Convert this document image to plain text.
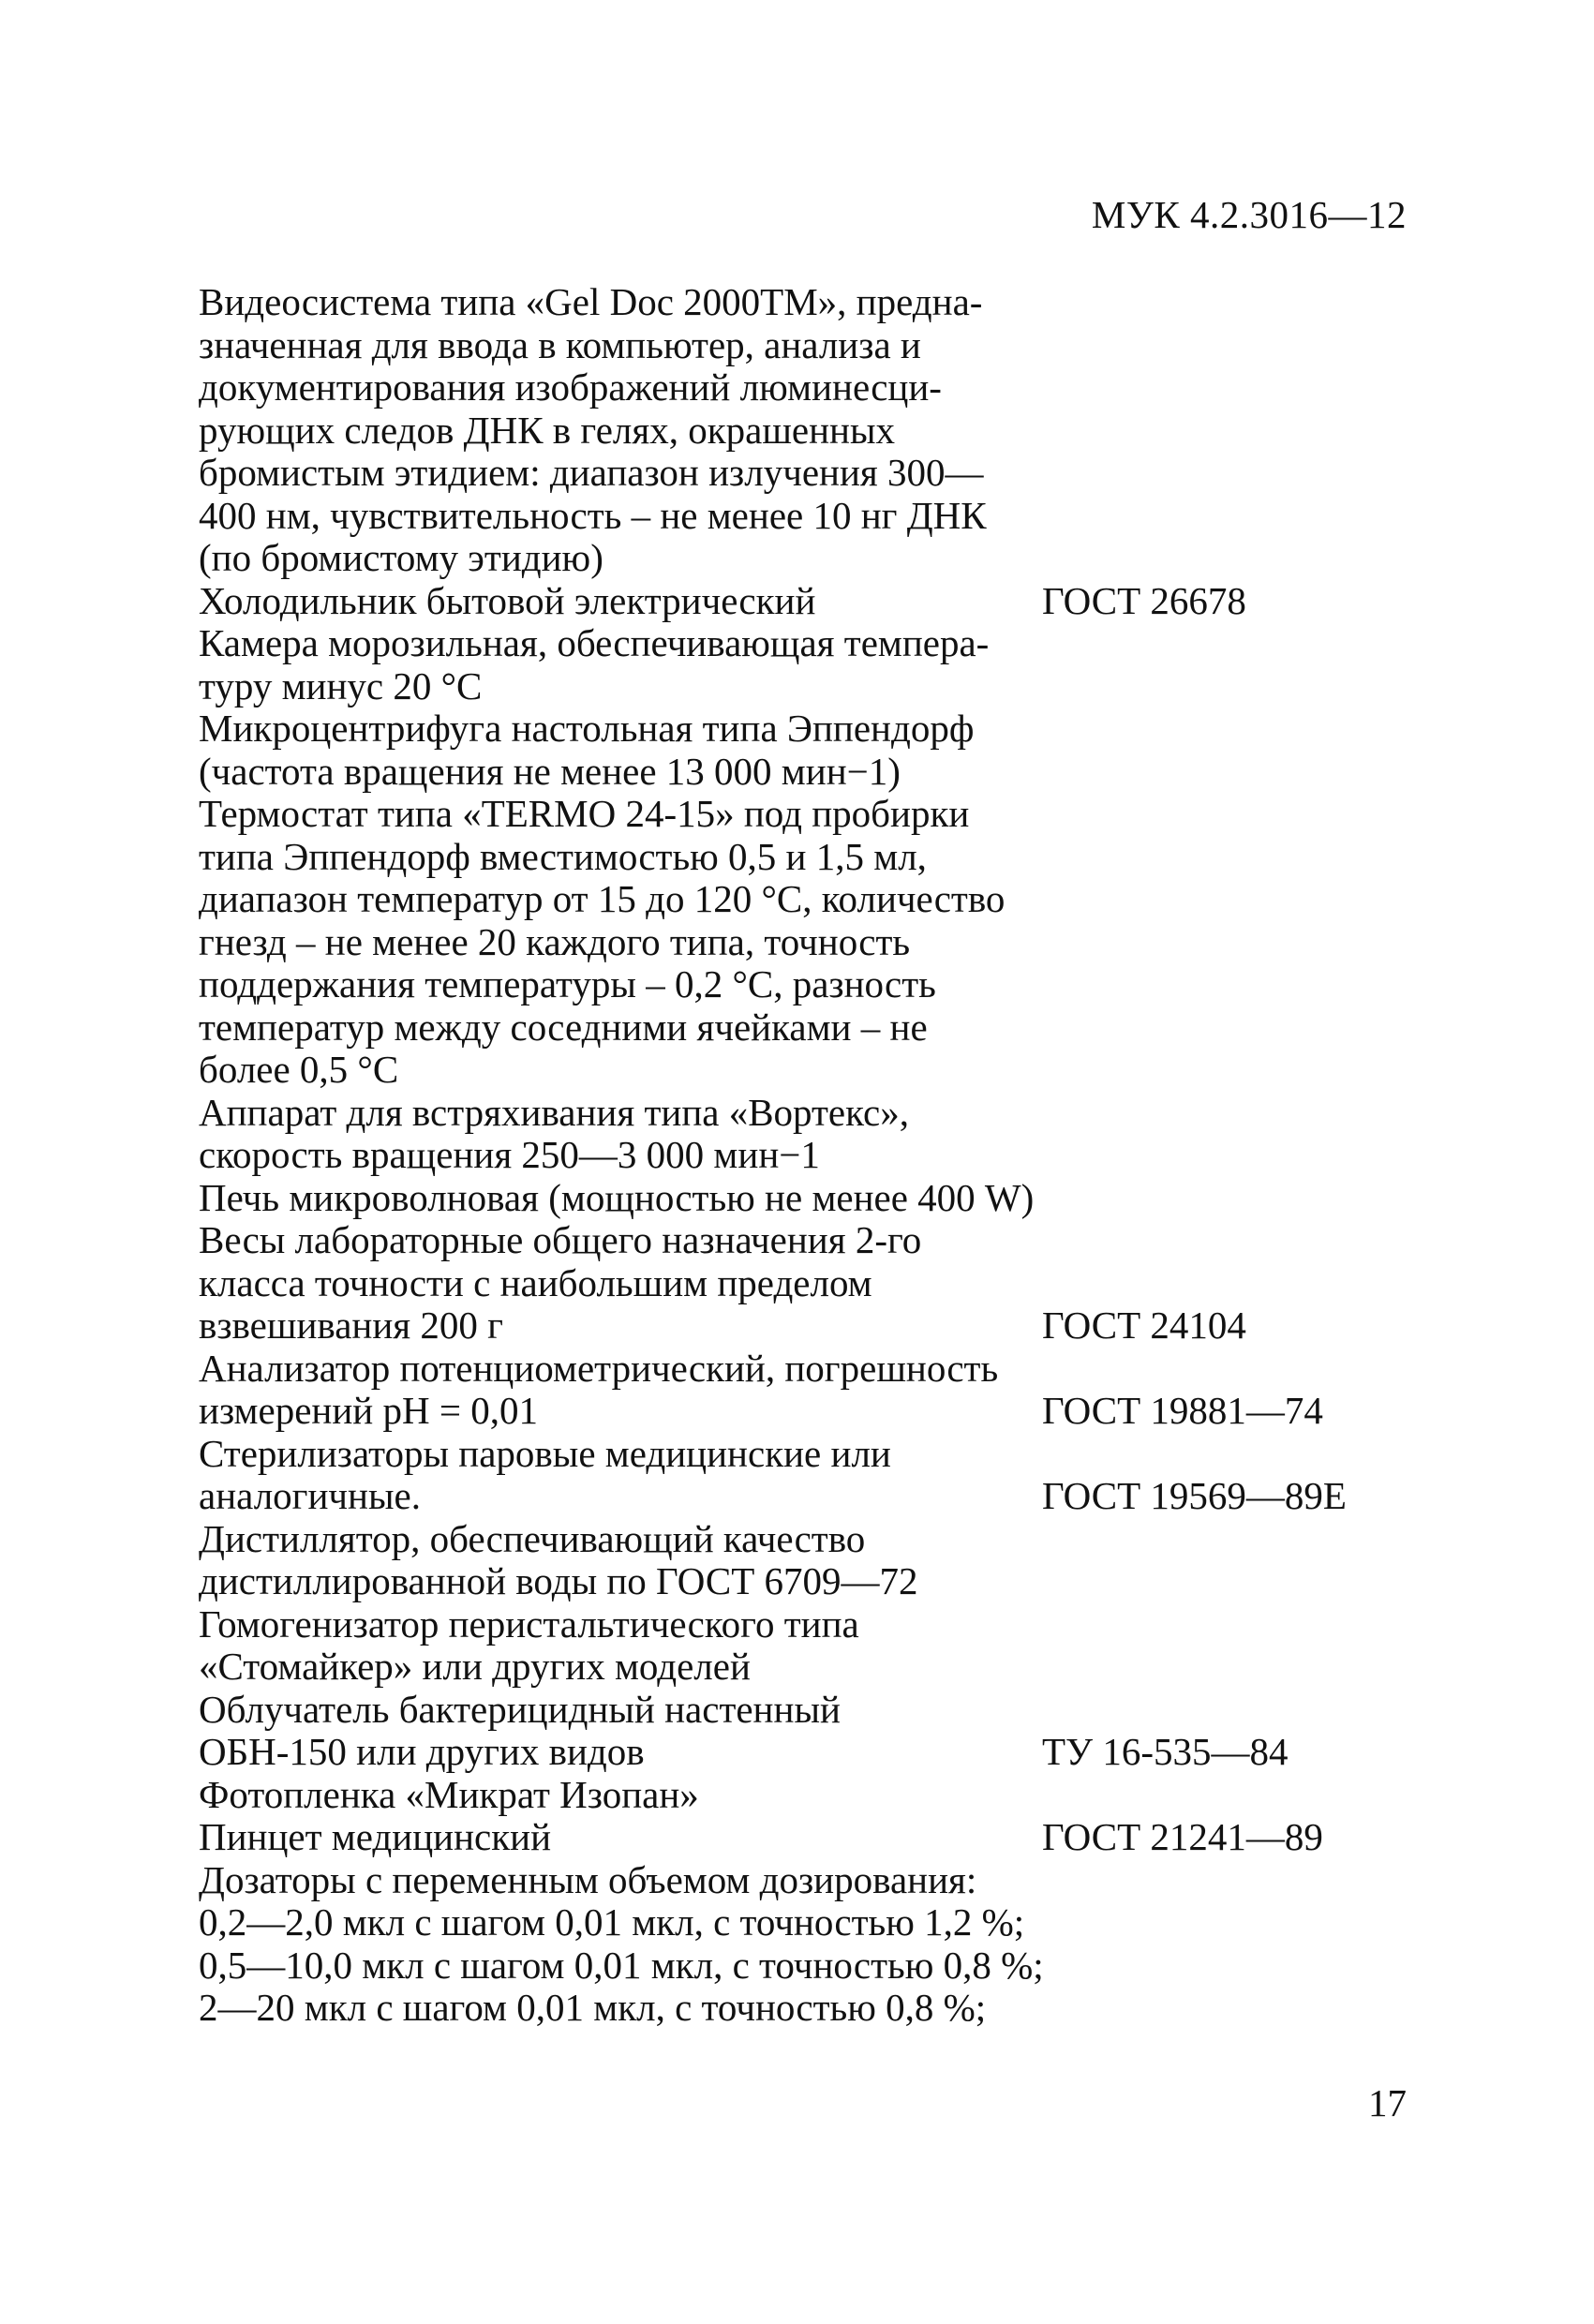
МУК 4.2.3016—12
Видеосистема типа «Gel Doc 2000TM», предна-
значенная для ввода в компьютер, анализа и
документирования изображений люминесци-
рующих следов ДНК в гелях, окрашенных
бромистым этидием: диапазон излучения 300—
400 нм, чувствительность – не менее 10 нг ДНК
(по бромистому этидию)
Холодильник бытовой электрический	ГОСТ 26678
Камера морозильная, обеспечивающая темпера-
туру минус 20 °С
Микроцентрифуга настольная типа Эппендорф
(частота вращения не менее 13 000 мин−1)
Термостат типа «TERMO 24-15» под пробирки
типа Эппендорф вместимостью 0,5 и 1,5 мл,
диапазон температур от 15 до 120 °С, количество
гнезд – не менее 20 каждого типа, точность
поддержания температуры – 0,2 °С, разность
температур между соседними ячейками – не
более 0,5 °С
Аппарат для встряхивания типа «Вортекс»,
скорость вращения 250—3 000 мин−1
Печь микроволновая (мощностью не менее 400 W)
Весы лабораторные общего назначения 2-го
класса точности с наибольшим пределом
взвешивания 200 г	ГОСТ 24104
Анализатор потенциометрический, погрешность
измерений pH = 0,01	ГОСТ 19881—74
Стерилизаторы паровые медицинские или
аналогичные.	ГОСТ 19569—89Е
Дистиллятор, обеспечивающий качество
дистиллированной воды по ГОСТ 6709—72
Гомогенизатор перистальтического типа
«Стомайкер» или других моделей
Облучатель бактерицидный настенный
ОБН-150 или других видов	ТУ 16-535—84
Фотопленка «Микрат Изопан»
Пинцет медицинский	ГОСТ 21241—89
Дозаторы с переменным объемом дозирования:
0,2—2,0 мкл с шагом 0,01 мкл, с точностью 1,2 %;
0,5—10,0 мкл с шагом 0,01 мкл, с точностью 0,8 %;
2—20 мкл с шагом 0,01 мкл, с точностью 0,8 %;
17
